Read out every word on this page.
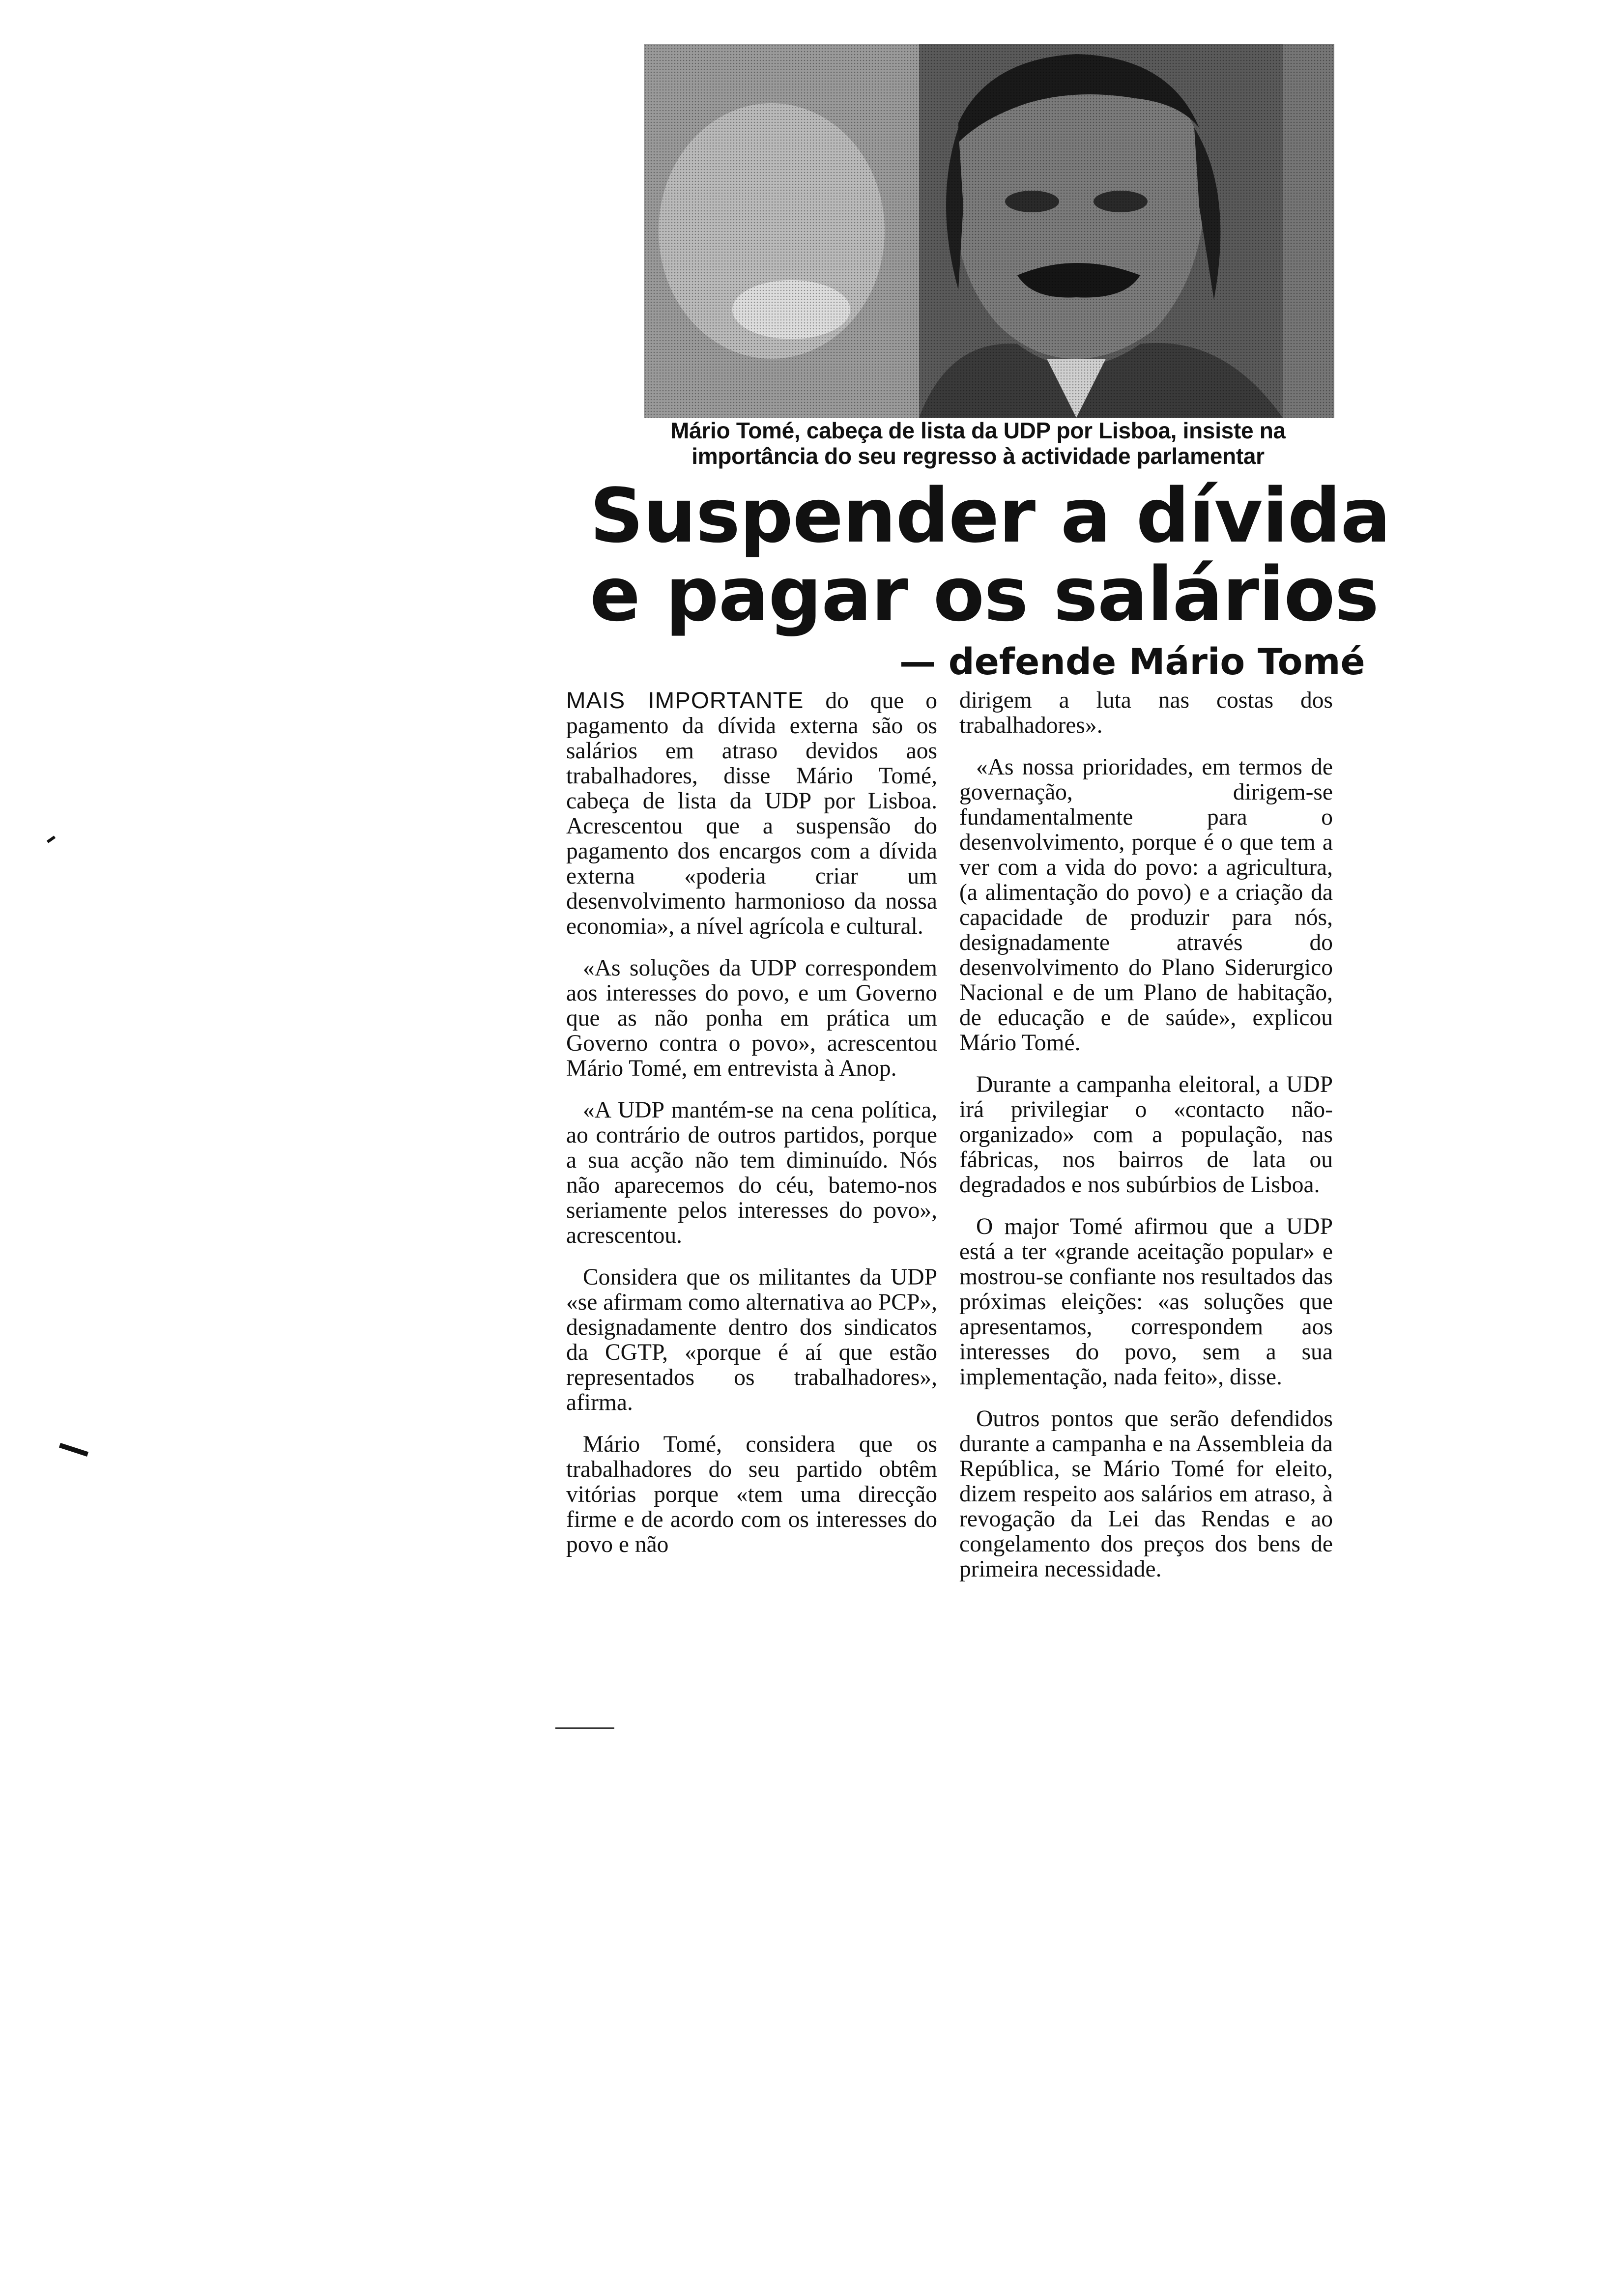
Mário Tomé, cabeça de lista da UDP por Lisboa, insiste na importância do seu regresso à actividade parlamentar
Suspender a dívida
e pagar os salários
— defende Mário Tomé

MAIS IMPORTANTE do que o pagamento da dívida externa são os salários em atraso devidos aos trabalhadores, disse Mário Tomé, cabeça de lista da UDP por Lisboa. Acrescentou que a suspensão do pagamento dos encargos com a dívida externa «poderia criar um desenvolvimento harmonioso da nossa economia», a nível agrícola e cultural.

«As soluções da UDP correspondem aos interesses do povo, e um Governo que as não ponha em prática um Governo contra o povo», acrescentou Mário Tomé, em entrevista à Anop.

«A UDP mantém-se na cena política, ao contrário de outros partidos, porque a sua acção não tem diminuído. Nós não aparecemos do céu, batemo-nos seriamente pelos interesses do povo», acrescentou.

Considera que os militantes da UDP «se afirmam como alternativa ao PCP», designadamente dentro dos sindicatos da CGTP, «porque é aí que estão representados os trabalhadores», afirma.

Mário Tomé, considera que os trabalhadores do seu partido obtêm vitórias porque «tem uma direcção firme e de acordo com os interesses do povo e não

dirigem a luta nas costas dos trabalhadores».

«As nossa prioridades, em termos de governação, dirigem-se fundamentalmente para o desenvolvimento, porque é o que tem a ver com a vida do povo: a agricultura, (a alimentação do povo) e a criação da capacidade de produzir para nós, designadamente através do desenvolvimento do Plano Siderurgico Nacional e de um Plano de habitação, de educação e de saúde», explicou Mário Tomé.

Durante a campanha eleitoral, a UDP irá privilegiar o «contacto não-organizado» com a população, nas fábricas, nos bairros de lata ou degradados e nos subúrbios de Lisboa.

O major Tomé afirmou que a UDP está a ter «grande aceitação popular» e mostrou-se confiante nos resultados das próximas eleições: «as soluções que apresentamos, correspondem aos interesses do povo, sem a sua implementação, nada feito», disse.

Outros pontos que serão defendidos durante a campanha e na Assembleia da República, se Mário Tomé for eleito, dizem respeito aos salários em atraso, à revogação da Lei das Rendas e ao congelamento dos preços dos bens de primeira necessidade.
